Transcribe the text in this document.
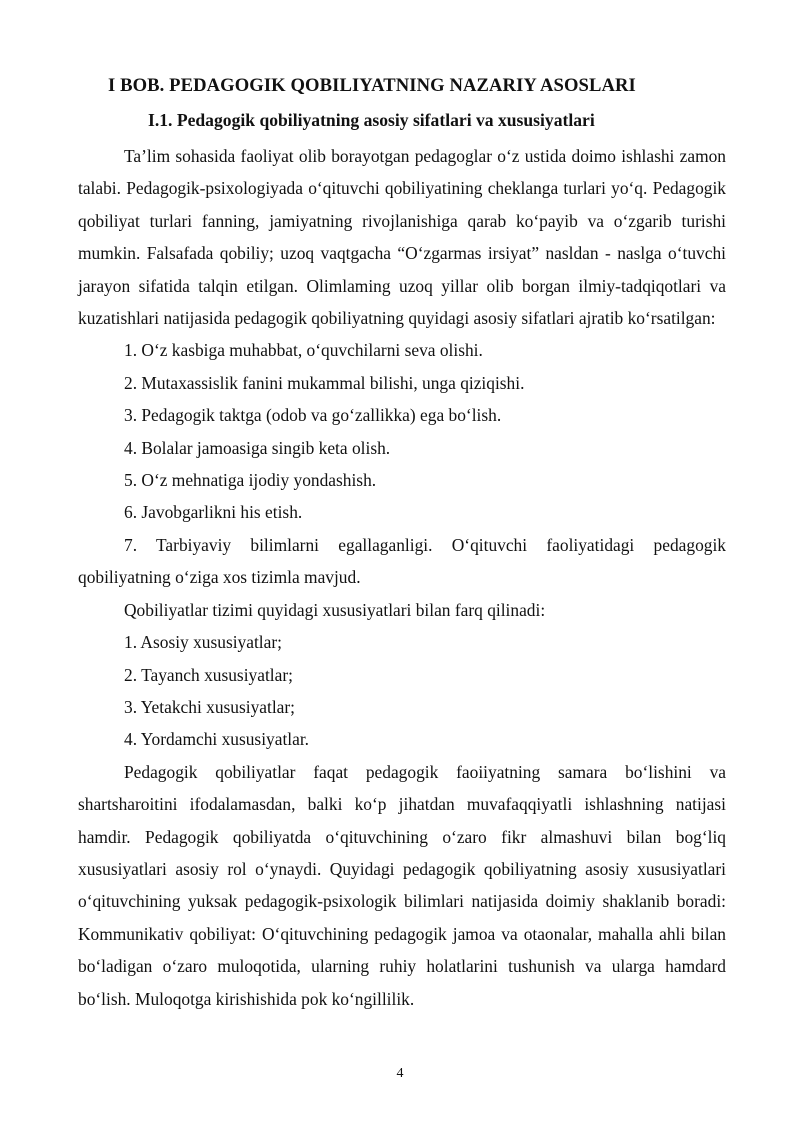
I BOB. PEDAGOGIK QOBILIYATNING NAZARIY ASOSLARI
I.1. Pedagogik qobiliyatning asosiy sifatlari va xususiyatlari

Ta’lim sohasida faoliyat olib borayotgan pedagoglar o‘z ustida doimo ishlashi zamon talabi. Pedagogik-psixologiyada o‘qituvchi qobiliyatining cheklanga turlari yo‘q. Pedagogik qobiliyat turlari fanning, jamiyatning rivojlanishiga qarab ko‘payib va o‘zgarib turishi mumkin. Falsafada qobiliy; uzoq vaqtgacha “O‘zgarmas irsiyat” nasldan - naslga o‘tuvchi jarayon sifatida talqin etilgan. Olimlaming uzoq yillar olib borgan ilmiy-tadqiqotlari va kuzatishlari natijasida pedagogik qobiliyatning quyidagi asosiy sifatlari ajratib ko‘rsatilgan:

1. O‘z kasbiga muhabbat, o‘quvchilarni seva olishi.

2. Mutaxassislik fanini mukammal bilishi, unga qiziqishi.

3. Pedagogik taktga (odob va go‘zallikka) ega bo‘lish.

4. Bolalar jamoasiga singib keta olish.

5. O‘z mehnatiga ijodiy yondashish.

6. Javobgarlikni his etish.

7. Tarbiyaviy bilimlarni egallaganligi. O‘qituvchi faoliyatidagi pedagogik qobiliyatning o‘ziga xos tizimla mavjud.

Qobiliyatlar tizimi quyidagi xususiyatlari bilan farq qilinadi:

1. Asosiy xususiyatlar;

2. Tayanch xususiyatlar;

3. Yetakchi xususiyatlar;

4. Yordamchi xususiyatlar.

Pedagogik qobiliyatlar faqat pedagogik faoiiyatning samara bo‘lishini va shartsharoitini ifodalamasdan, balki ko‘p jihatdan muvafaqqiyatli ishlashning natijasi hamdir. Pedagogik qobiliyatda o‘qituvchining o‘zaro fikr almashuvi bilan bog‘liq xususiyatlari asosiy rol o‘ynaydi. Quyidagi pedagogik qobiliyatning asosiy xususiyatlari o‘qituvchining yuksak pedagogik-psixologik bilimlari natijasida doimiy shaklanib boradi: Kommunikativ qobiliyat: O‘qituvchining pedagogik jamoa va otaonalar, mahalla ahli bilan bo‘ladigan o‘zaro muloqotida, ularning ruhiy holatlarini tushunish va ularga hamdard bo‘lish. Muloqotga kirishishida pok ko‘ngillilik.

4
